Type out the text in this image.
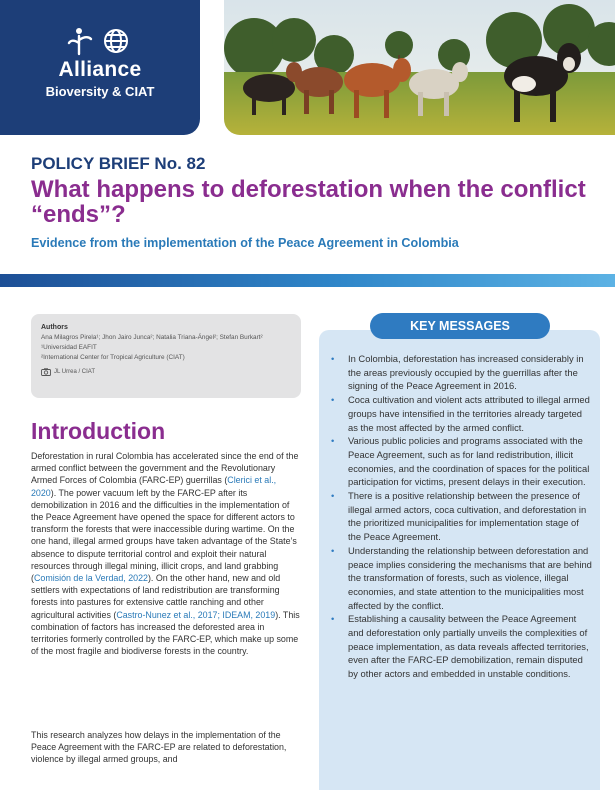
Alliance
Bioversity & CIAT
POLICY BRIEF No. 82
What happens to deforestation when the conflict “ends”?
Evidence from the implementation of the Peace Agreement in Colombia
Authors
Ana Milagros Pirela¹; Jhon Jairo Junca²; Natalia Triana-Ángel²; Stefan Burkart²
¹Universidad EAFIT
²International Center for Tropical Agriculture (CIAT)
JL Urrea / CIAT
Introduction

Deforestation in rural Colombia has accelerated since the end of the armed conflict between the government and the Revolutionary Armed Forces of Colombia (FARC-EP) guerrillas (Clerici et al., 2020). The power vacuum left by the FARC-EP after its demobilization in 2016 and the difficulties in the implementation of the Peace Agreement have opened the space for different actors to transform the forests that were inaccessible during wartime. On the one hand, illegal armed groups have taken advantage of the State’s absence to dispute territorial control and exploit their natural resources through illegal mining, illicit crops, and land grabbing (Comisión de la Verdad, 2022). On the other hand, new and old settlers with expectations of land redistribution are transforming forests into pastures for extensive cattle ranching and other agricultural activities (Castro-Nunez et al., 2017; IDEAM, 2019). This combination of factors has increased the deforested area in territories formerly controlled by the FARC-EP, which make up some of the most fragile and biodiverse forests in the country.

This research analyzes how delays in the implementation of the Peace Agreement with the FARC-EP are related to deforestation, violence by illegal armed groups, and

KEY MESSAGES
• In Colombia, deforestation has increased considerably in the areas previously occupied by the guerrillas after the signing of the Peace Agreement in 2016.
• Coca cultivation and violent acts attributed to illegal armed groups have intensified in the territories already targeted as the most affected by the armed conflict.
• Various public policies and programs associated with the Peace Agreement, such as for land redistribution, illicit economies, and the coordination of spaces for the political participation for victims, present delays in their execution.
• There is a positive relationship between the presence of illegal armed actors, coca cultivation, and deforestation in the prioritized municipalities for implementation stage of the Peace Agreement.
• Understanding the relationship between deforestation and peace implies considering the mechanisms that are behind the transformation of forests, such as violence, illegal economies, and state attention to the municipalities most affected by the conflict.
• Establishing a causality between the Peace Agreement and deforestation only partially unveils the complexities of peace implementation, as data reveals affected territories, even after the FARC-EP demobilization, remain disputed by other actors and embedded in unstable conditions.
